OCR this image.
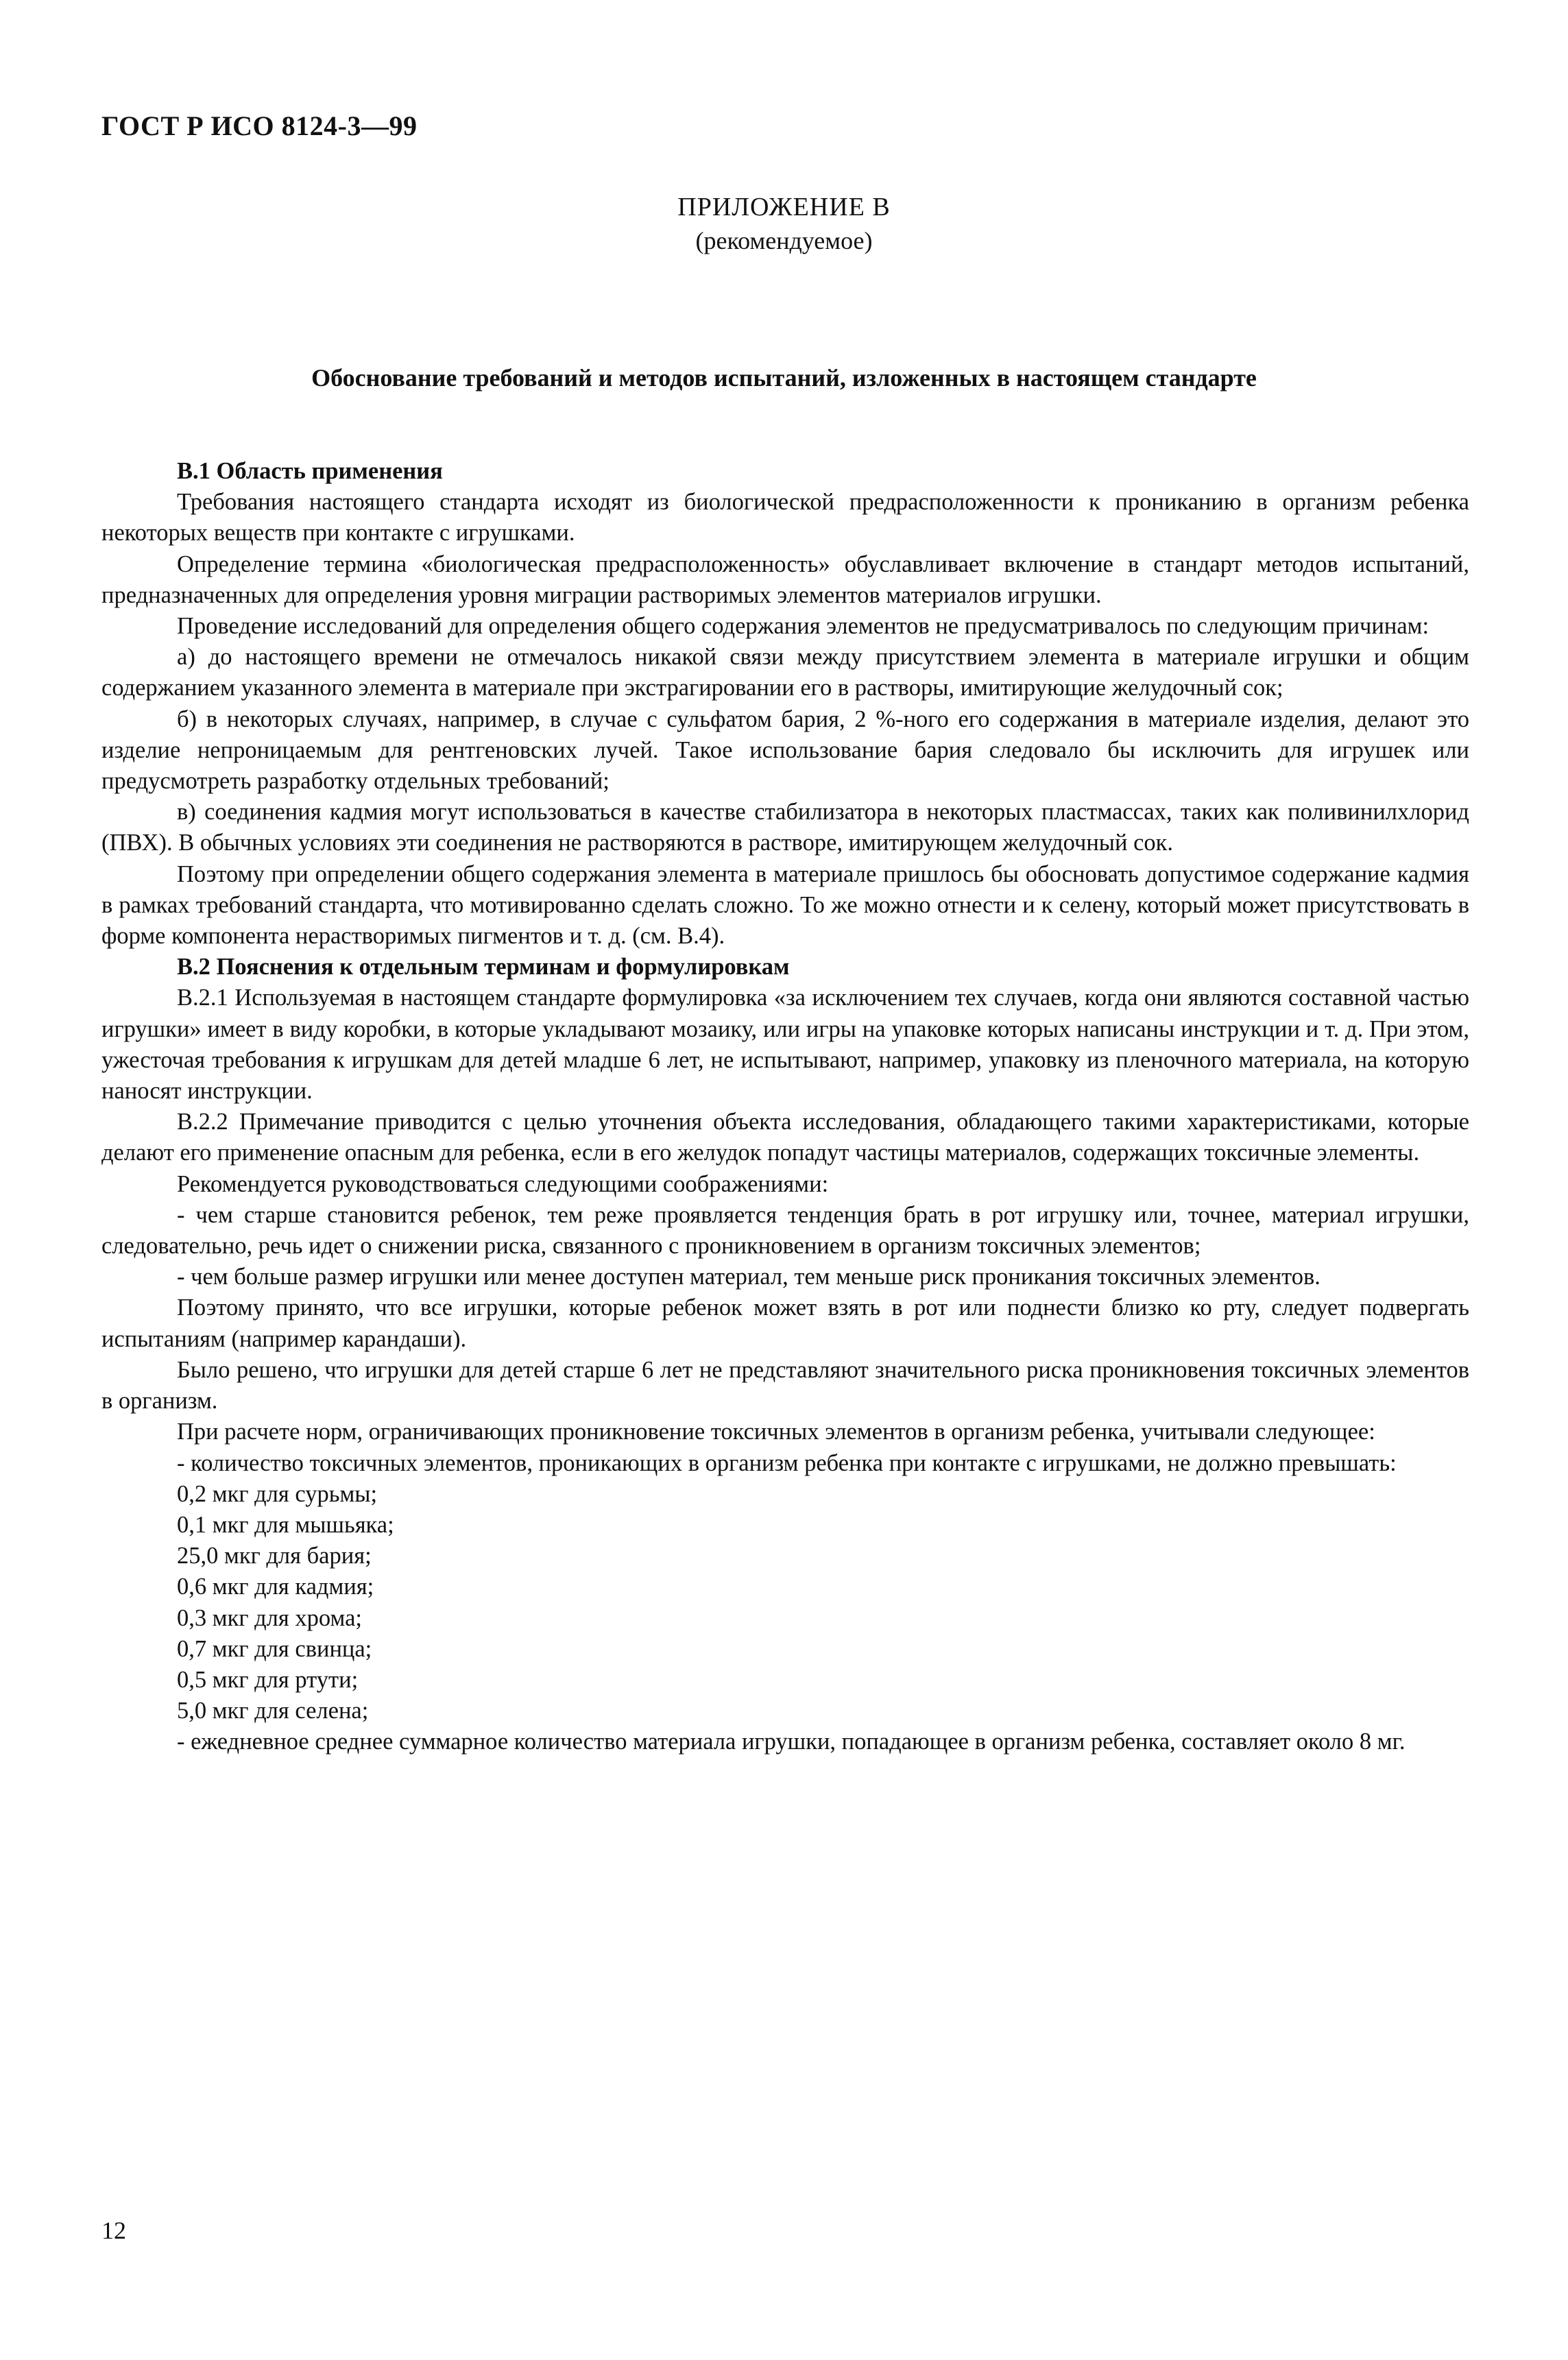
ГОСТ Р ИСО 8124-3—99
ПРИЛОЖЕНИЕ В
(рекомендуемое)
Обоснование требований и методов испытаний, изложенных в настоящем стандарте

В.1 Область применения

Требования настоящего стандарта исходят из биологической предрасположенности к прониканию в организм ребенка некоторых веществ при контакте с игрушками.

Определение термина «биологическая предрасположенность» обуславливает включение в стандарт методов испытаний, предназначенных для определения уровня миграции растворимых элементов материалов игрушки.

Проведение исследований для определения общего содержания элементов не предусматривалось по следующим причинам:

а) до настоящего времени не отмечалось никакой связи между присутствием элемента в материале игрушки и общим содержанием указанного элемента в материале при экстрагировании его в растворы, имитирующие желудочный сок;

б) в некоторых случаях, например, в случае с сульфатом бария, 2 %-ного его содержания в материале изделия, делают это изделие непроницаемым для рентгеновских лучей. Такое использование бария следовало бы исключить для игрушек или предусмотреть разработку отдельных требований;

в) соединения кадмия могут использоваться в качестве стабилизатора в некоторых пластмассах, таких как поливинилхлорид (ПВХ). В обычных условиях эти соединения не растворяются в растворе, имитирующем желудочный сок.

Поэтому при определении общего содержания элемента в материале пришлось бы обосновать допустимое содержание кадмия в рамках требований стандарта, что мотивированно сделать сложно. То же можно отнести и к селену, который может присутствовать в форме компонента нерастворимых пигментов и т. д. (см. В.4).

В.2 Пояснения к отдельным терминам и формулировкам

В.2.1 Используемая в настоящем стандарте формулировка «за исключением тех случаев, когда они являются составной частью игрушки» имеет в виду коробки, в которые укладывают мозаику, или игры на упаковке которых написаны инструкции и т. д. При этом, ужесточая требования к игрушкам для детей младше 6 лет, не испытывают, например, упаковку из пленочного материала, на которую наносят инструкции.

В.2.2 Примечание приводится с целью уточнения объекта исследования, обладающего такими характеристиками, которые делают его применение опасным для ребенка, если в его желудок попадут частицы материалов, содержащих токсичные элементы.

Рекомендуется руководствоваться следующими соображениями:

- чем старше становится ребенок, тем реже проявляется тенденция брать в рот игрушку или, точнее, материал игрушки, следовательно, речь идет о снижении риска, связанного с проникновением в организм токсичных элементов;

- чем больше размер игрушки или менее доступен материал, тем меньше риск проникания токсичных элементов.

Поэтому принято, что все игрушки, которые ребенок может взять в рот или поднести близко ко рту, следует подвергать испытаниям (например карандаши).

Было решено, что игрушки для детей старше 6 лет не представляют значительного риска проникновения токсичных элементов в организм.

При расчете норм, ограничивающих проникновение токсичных элементов в организм ребенка, учитывали следующее:

- количество токсичных элементов, проникающих в организм ребенка при контакте с игрушками, не должно превышать:

0,2 мкг для сурьмы;

0,1 мкг для мышьяка;

25,0 мкг для бария;

0,6 мкг для кадмия;

0,3 мкг для хрома;

0,7 мкг для свинца;

0,5 мкг для ртути;

5,0 мкг для селена;

- ежедневное среднее суммарное количество материала игрушки, попадающее в организм ребенка, составляет около 8 мг.

12
